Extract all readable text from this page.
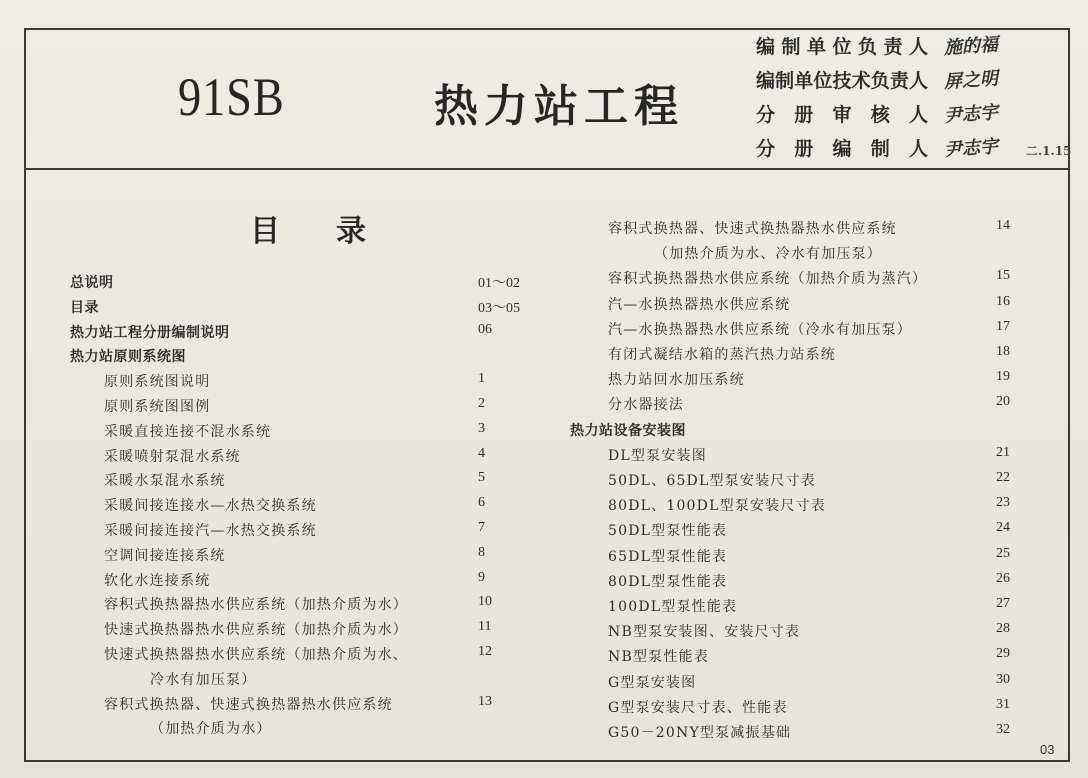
91SB	热力站工程
编制单位负责人 施的福
编制单位技术负责人 屏之明
分册审核人 尹志宇
分册编制人 尹志宇 二.1.15
目录
03
总说明	01～02
目录	03～05
热力站工程分册编制说明	06
热力站原则系统图
原则系统图说明	1
原则系统图图例	2
采暖直接连接不混水系统	3
采暖喷射泵混水系统	4
采暖水泵混水系统	5
采暖间接连接水—水热交换系统	6
采暖间接连接汽—水热交换系统	7
空调间接连接系统	8
软化水连接系统	9
容积式换热器热水供应系统（加热介质为水）	10
快速式换热器热水供应系统（加热介质为水）	11
快速式换热器热水供应系统（加热介质为水、	12
冷水有加压泵）
容积式换热器、快速式换热器热水供应系统	13
（加热介质为水）
容积式换热器、快速式换热器热水供应系统	14
（加热介质为水、冷水有加压泵）
容积式换热器热水供应系统（加热介质为蒸汽）	15
汽—水换热器热水供应系统	16
汽—水换热器热水供应系统（冷水有加压泵）	17
有闭式凝结水箱的蒸汽热力站系统	18
热力站回水加压系统	19
分水器接法	20
热力站设备安装图
DL型泵安装图	21
50DL、65DL型泵安装尺寸表	22
80DL、100DL型泵安装尺寸表	23
50DL型泵性能表	24
65DL型泵性能表	25
80DL型泵性能表	26
100DL型泵性能表	27
NB型泵安装图、安装尺寸表	28
NB型泵性能表	29
G型泵安装图	30
G型泵安装尺寸表、性能表	31
G50－20NY型泵减振基础	32
